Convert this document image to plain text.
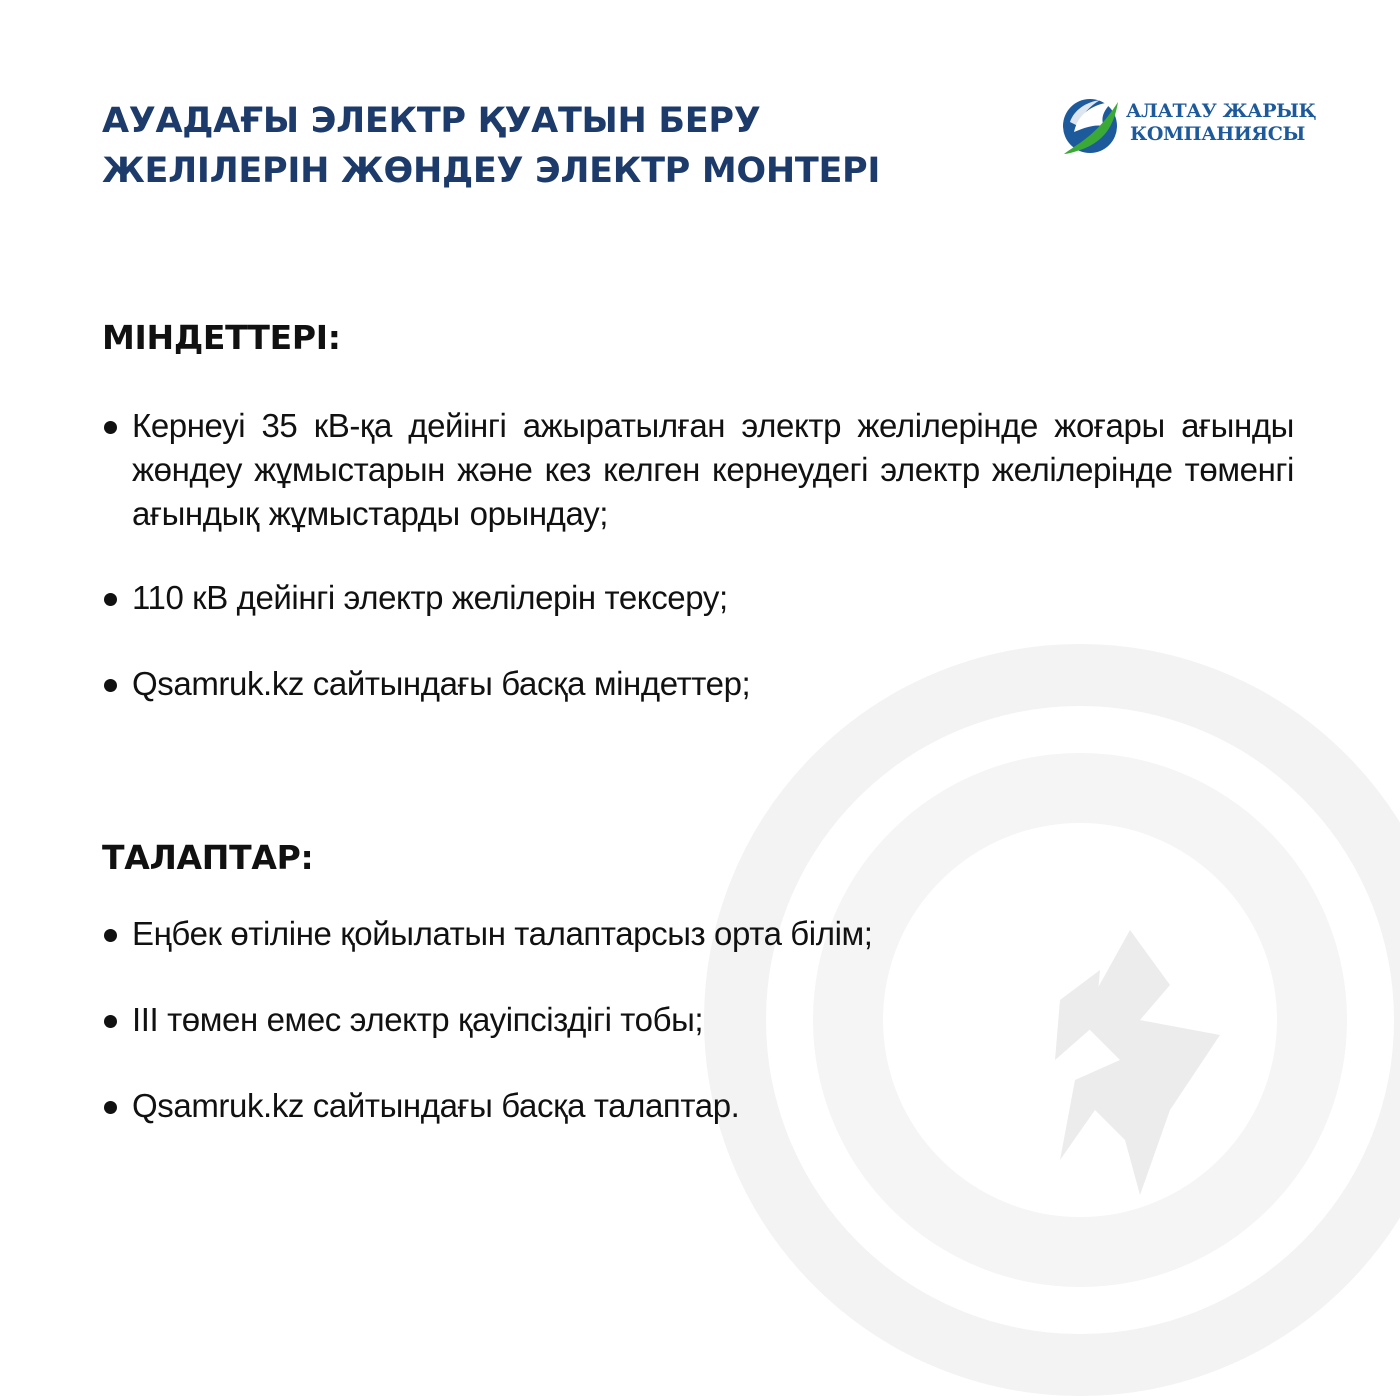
АУАДАҒЫ ЭЛЕКТР ҚУАТЫН БЕРУ
ЖЕЛІЛЕРІН ЖӨНДЕУ ЭЛЕКТР МОНТЕРІ
АЛАТАУ ЖАРЫҚ
КОМПАНИЯСЫ
МІНДЕТТЕРІ:
Кернеуі 35 кВ-қа дейінгі ажыратылған электр желілерінде жоғары ағынды жөндеу жұмыстарын және кез келген кернеудегі электр желілерінде төменгі ағындық жұмыстарды орындау;
110 кВ дейінгі электр желілерін тексеру;
Qsamruk.kz сайтындағы басқа міндеттер;
ТАЛАПТАР:
Еңбек өтіліне қойылатын талаптарсыз орта білім;
ІІІ төмен емес электр қауіпсіздігі тобы;
Qsamruk.kz сайтындағы басқа талаптар.
